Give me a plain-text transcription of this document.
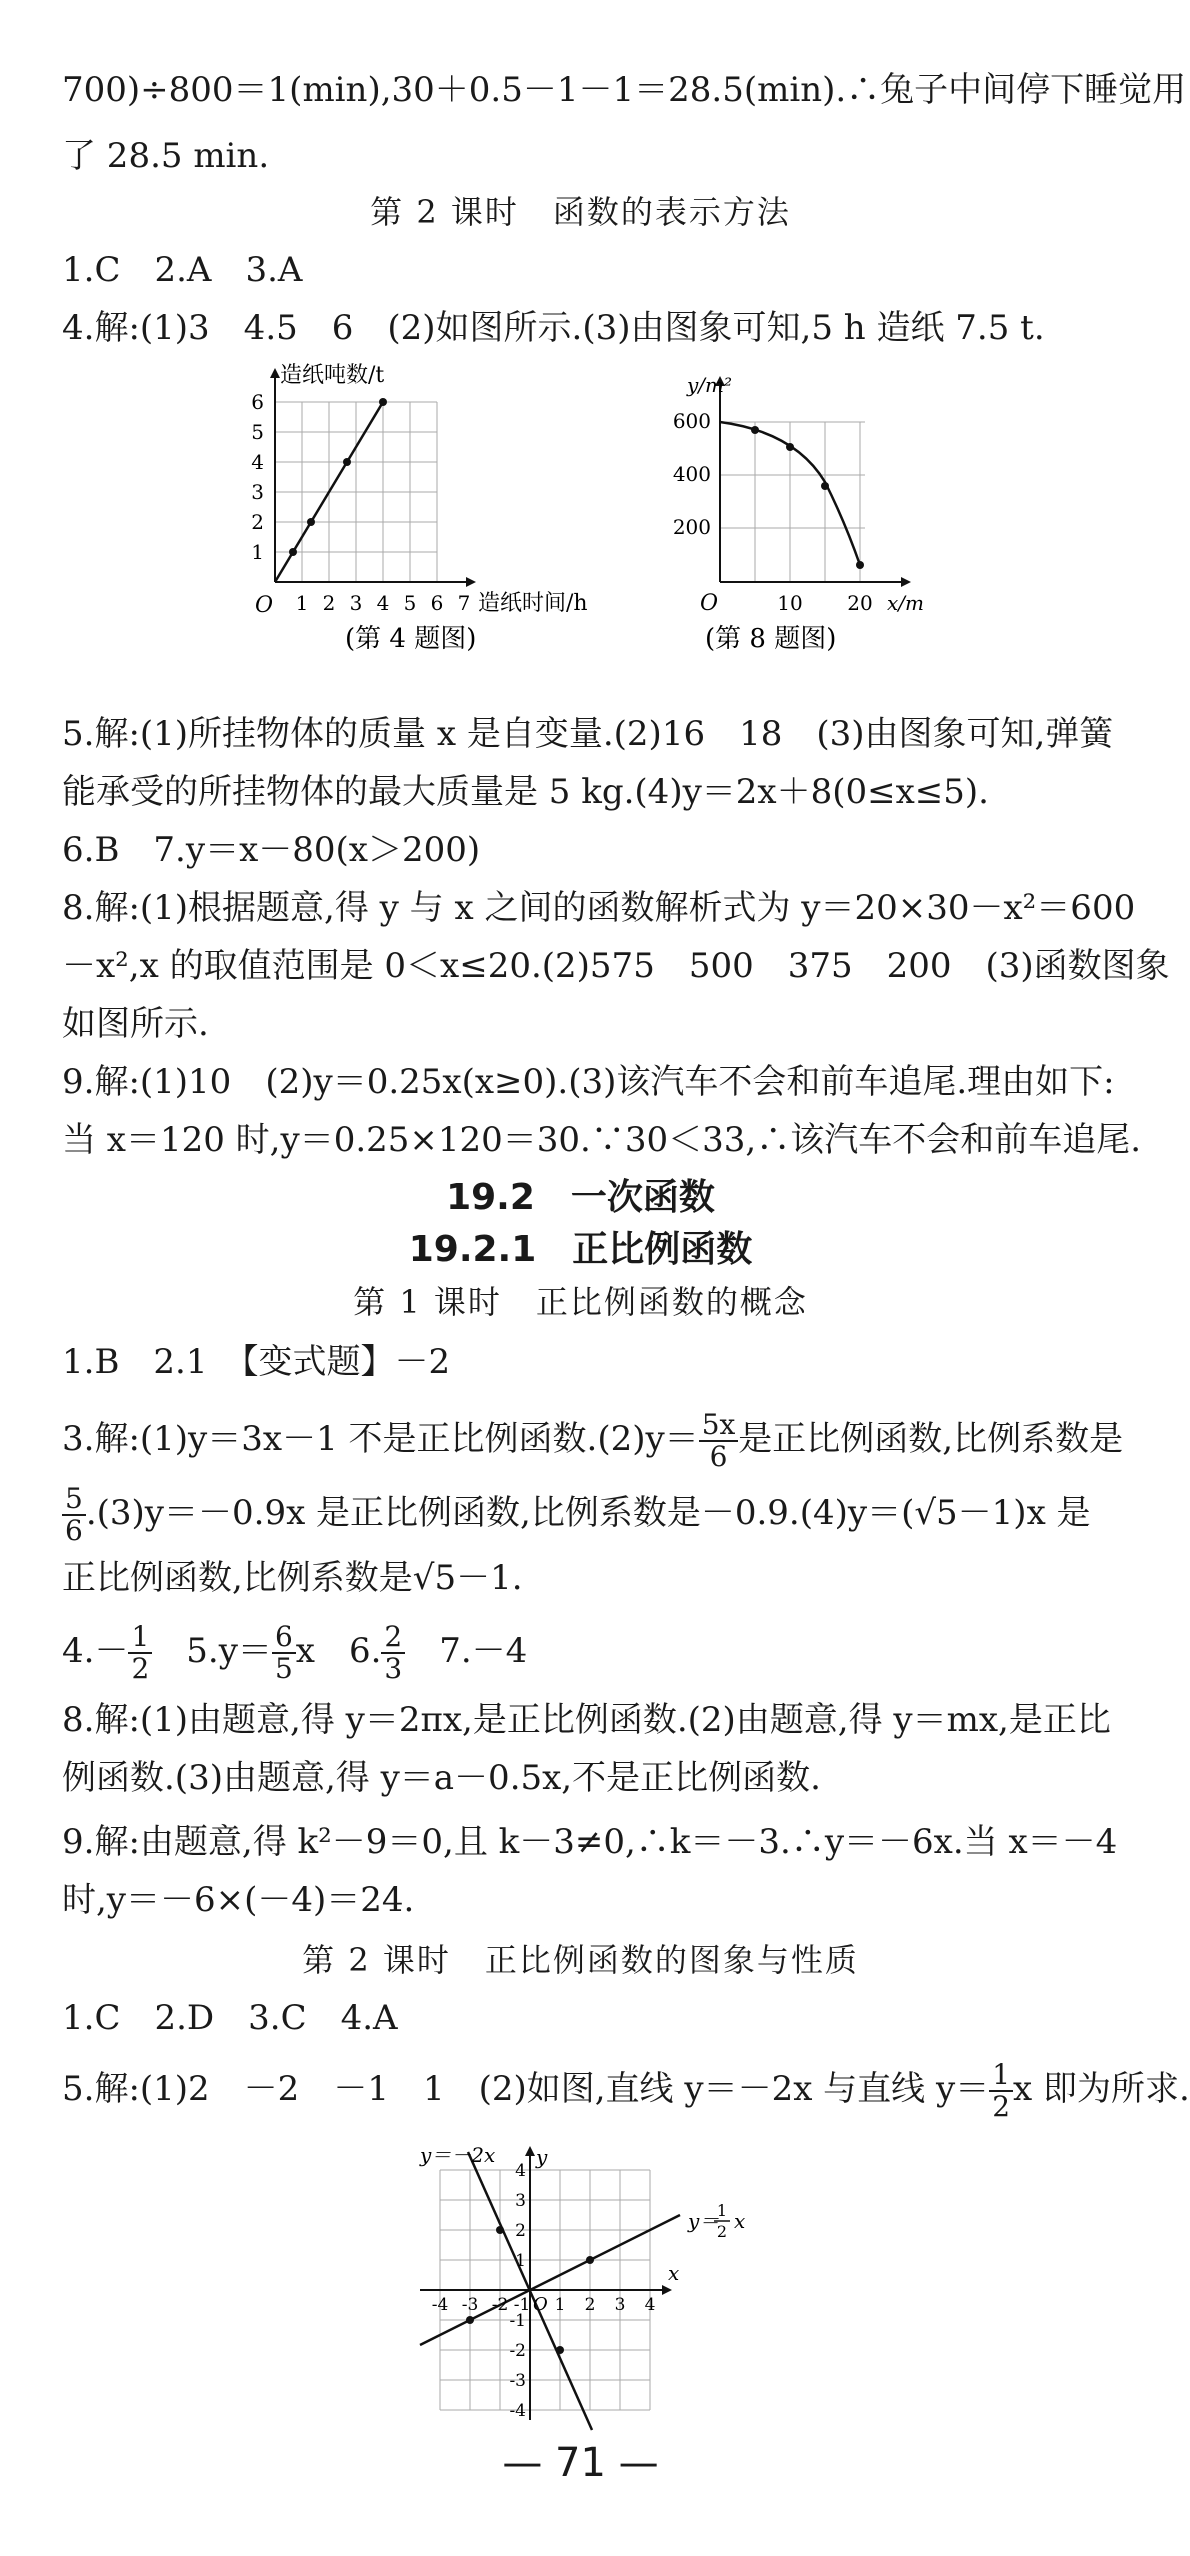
700)÷800＝1(min),30＋0.5－1－1＝28.5(min).∴兔子中间停下睡觉用
了 28.5 min.
第 2 课时　函数的表示方法
1.C　2.A　3.A
4.解:(1)3　4.5　6　(2)如图所示.(3)由图象可知,5 h 造纸 7.5 t.
造纸吨数/t
O 1 2 3 4 5 6 7
1
2
3
4
5
6
造纸时间/h
(第 4 题图)
y/m²
600
400
200
O	10 20 x/m
(第 8 题图)
5.解:(1)所挂物体的质量 x 是自变量.(2)16　18　(3)由图象可知,弹簧
能承受的所挂物体的最大质量是 5 kg.(4)y＝2x＋8(0≤x≤5).
6.B　7.y＝x－80(x＞200)
8.解:(1)根据题意,得 y 与 x 之间的函数解析式为 y＝20×30－x²＝600
－x²,x 的取值范围是 0＜x≤20.(2)575　500　375　200　(3)函数图象
如图所示.
9.解:(1)10　(2)y＝0.25x(x≥0).(3)该汽车不会和前车追尾.理由如下:
当 x＝120 时,y＝0.25×120＝30.∵30＜33,∴该汽车不会和前车追尾.
19.2　一次函数
19.2.1　正比例函数
第 1 课时　正比例函数的概念
1.B　2.1　【变式题】－2
3.解:(1)y＝3x－1 不是正比例函数$.(2)y= \frac{5x}{6}$ 是正比例函数,比例系数是
$\frac{5}{6} .(3)y=-0.9x$ 是正比例函数,比例系数是－0.9.(4)y＝(√5－1)x 是
正比例函数,比例系数是√5－1.
$4.- \frac{1}{2}$ 　$5.y= \frac{6}{5}$ x　6. $\frac{2}{3}$ 　7.－4
8.解:(1)由题意,得 y＝2πx,是正比例函数.(2)由题意,得 y＝mx,是正比
例函数.(3)由题意,得 y＝a－0.5x,不是正比例函数.
9.解:由题意,得 k²－9＝0,且 k－3≠0,∴k＝－3.∴y＝－6x.当 x＝－4
时,y＝－6×(－4)＝24.
第 2 课时　正比例函数的图象与性质
1.C　2.D　3.C　4.A
5.解:(1)2　－2　－1　1　(2)如图,直线 y＝－2x 与直线 $y= \frac{1}{2}$ x 即为所求.
y＝－2x y
x
y＝
1
2 x
O
-4 -3 -2 -1 1 2 3 4
4
3
2
1
-1
-2
-3
-4
— 71 —
